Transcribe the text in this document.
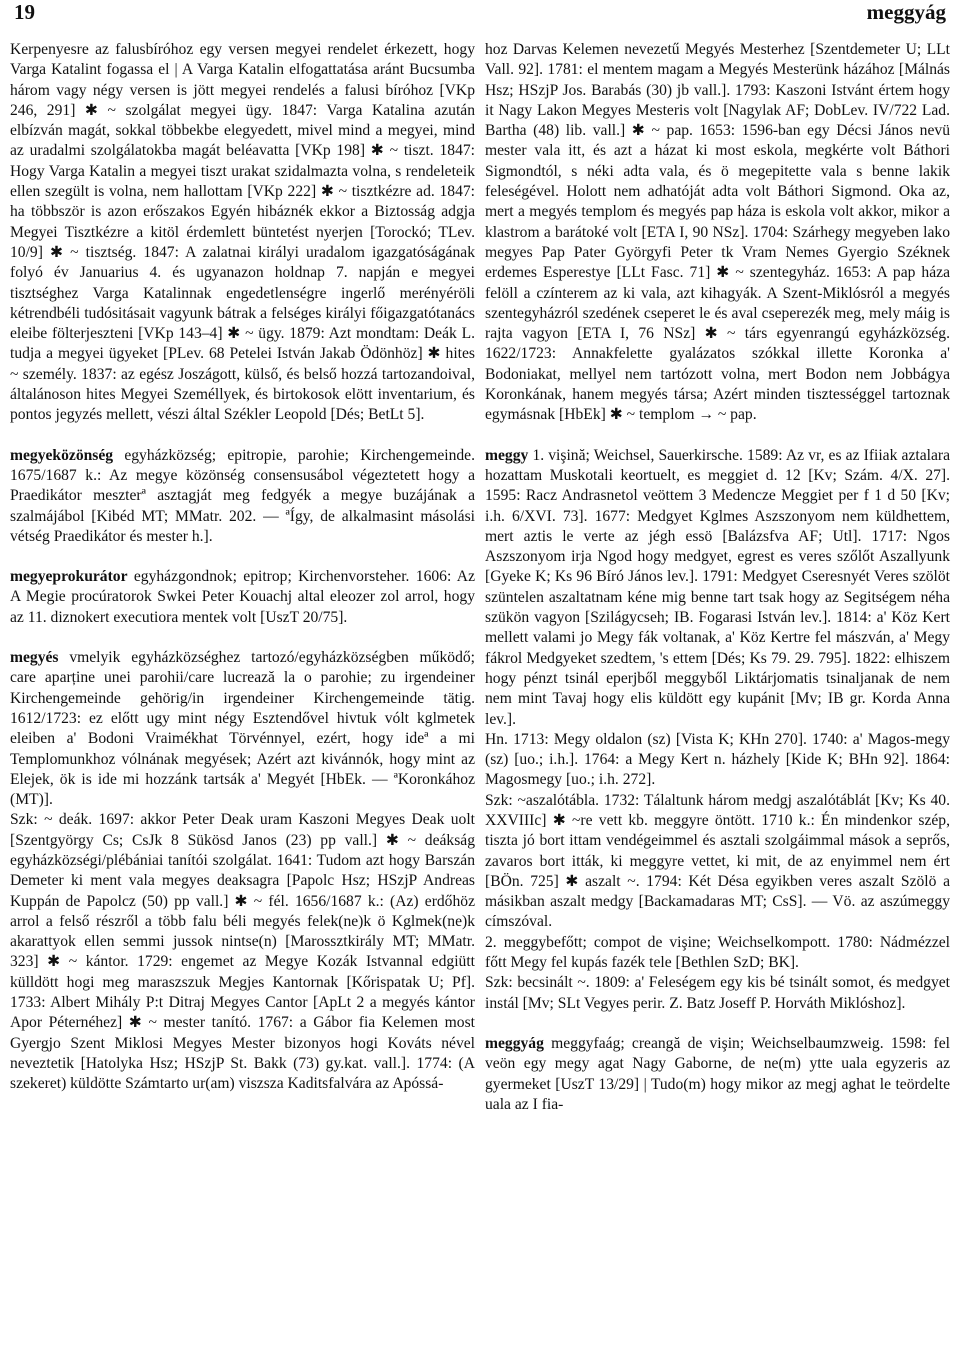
19	meggyág

Kerpenyesre az falusbíróhoz egy versen megyei rendelet érkezett, hogy Varga Katalint fogassa el | A Varga Katalin elfogattatása aránt Bucsumba három vagy négy versen is jött megyei rendelés a falusi bíróhoz [VKp 246, 291] ✱ ~ szolgálat megyei ügy. 1847: Varga Katalina azután elbízván magát, sokkal többekbe elegyedett, mivel mind a megyei, mind az uradalmi szolgálatokba magát beléavatta [VKp 198] ✱ ~ tiszt. 1847: Hogy Varga Katalin a megyei tiszt urakat szidalmazta volna, s rendeleteik ellen szegült is volna, nem hallottam [VKp 222] ✱ ~ tisztkézre ad. 1847: ha többször is azon erőszakos Egyén hibáznék ekkor a Biztosság adgja Megyei Tisztkézre a kitöl érdemlett büntetést nyerjen [Torockó; TLev. 10/9] ✱ ~ tisztség. 1847: A zalatnai királyi uradalom igazgatóságának folyó év Januarius 4. és ugyanazon holdnap 7. napján e megyei tisztséghez Varga Katalinnak engedetlenségre ingerlő merényéröli kétrendbéli tudósitásait vagyunk bátrak a felséges királyi főigazgatótanács eleibe fölterjeszteni [VKp 143–4] ✱ ~ ügy. 1879: Azt mondtam: Deák L. tudja a megyei ügyeket [PLev. 68 Petelei István Jakab Ödönhöz] ✱ hites ~ személy. 1837: az egész Joszágott, külső, és belső hozzá tartozandoival, általánoson hites Megyei Személlyek, és birtokosok elött inventarium, és pontos jegyzés mellett, vészi által Székler Leopold [Dés; BetLt 5].

megyeközönség egyházközség; epitropie, parohie; Kirchengemeinde. 1675/1687 k.: Az megye közönség consensusábol végeztetett hogy a Praedikátor meszterª asztagját meg fedgyék a megye buzájának a szalmájábol [Kibéd MT; MMatr. 202. — ªÍgy, de alkalmasint másolási vétség Praedikátor és mester h.].

megyeprokurátor egyházgondnok; epitrop; Kirchenvorsteher. 1606: Az A Megie procúratorok Swkei Peter Kouachj altal eleozer zol arrol, hogy az 11. diznokert executiora mentek volt [UszT 20/75].

megyés vmelyik egyházközséghez tartozó/egyházközségben működő; care aparține unei parohii/care lucrează la o parohie; zu irgendeiner Kirchengemeinde gehörig/in irgendeiner Kirchengemeinde tätig. 1612/1723: ez előtt ugy mint négy Esztendővel hivtuk vólt kglmetek eleiben a' Bodoni Vraimékhat Törvénnyel, ezért, hogy ideª a mi Templomunkhoz vólnának megyések; Azért azt kivánnók, hogy mint az Elejek, ök is ide mi hozzánk tartsák a' Megyét [HbEk. — ªKoronkához (MT)].

Szk: ~ deák. 1697: akkor Peter Deak uram Kaszoni Megyes Deak uolt [Szentgyörgy Cs; CsJk 8 Sükösd Janos (23) pp vall.] ✱ ~ deákság egyházközségi/plébániai tanítói szolgálat. 1641: Tudom azt hogy Barszán Demeter ki ment vala megyes deaksagra [Papolc Hsz; HSzjP Andreas Kuppán de Papolcz (50) pp vall.] ✱ ~ fél. 1656/1687 k.: (Az) erdőhöz arrol a felső részről a több falu béli megyés felek(ne)k ö Kglmek(ne)k akarattyok ellen semmi jussok nintse(n) [Marossztkirály MT; MMatr. 323] ✱ ~ kántor. 1729: engemet az Megye Kozák Istvannal edgiütt külldött hogi meg maraszszuk Megjes Kantornak [Kőrispatak U; Pf]. 1733: Albert Mihály P:t Ditraj Megyes Cantor [ApLt 2 a megyés kántor Apor Péternéhez] ✱ ~ mester tanító. 1767: a Gábor fia Kelemen most Gyergjo Szent Miklosi Megyes Mester bizonyos hogi Kováts nével neveztetik [Hatolyka Hsz; HSzjP St. Bakk (73) gy.kat. vall.]. 1774: (A szekeret) küldötte Számtarto ur(am) viszsza Kaditsfalvára az Apóssá-

hoz Darvas Kelemen nevezetű Megyés Mesterhez [Szentdemeter U; LLt Vall. 92]. 1781: el mentem magam a Megyés Mesterünk házához [Málnás Hsz; HSzjP Jos. Barabás (30) jb vall.]. 1793: Kaszoni Istvánt értem hogy it Nagy Lakon Megyes Mesteris volt [Nagylak AF; DobLev. IV/722 Lad. Bartha (48) lib. vall.] ✱ ~ pap. 1653: 1596-ban egy Décsi János nevü mester vala itt, és azt a házat ki most eskola, megkérte volt Báthori Sigmondtól, s néki adta vala, és ö megepitette vala s benne lakik feleségével. Holott nem adhatóját adta volt Báthori Sigmond. Oka az, mert a megyés templom és megyés pap háza is eskola volt akkor, mikor a klastrom a barátoké volt [ETA I, 90 NSz]. 1704: Szárhegy megyeben lako megyes Pap Pater Györgyfi Peter tk Vram Nemes Gyergio Széknek erdemes Esperestye [LLt Fasc. 71] ✱ ~ szentegyház. 1653: A pap háza felöll a czínterem az ki vala, azt kihagyák. A Szent-Miklósról a megyés szentegyházról szedének cseperet le és aval cseperezék meg, mely máig is rajta vagyon [ETA I, 76 NSz] ✱ ~ társ egyenrangú egyházközség. 1622/1723: Annakfelette gyalázatos szókkal illette Koronka a' Bodoniakat, mellyel nem tartózott volna, mert Bodon nem Jobbágya Koronkának, hanem megyés társa; Azért minden tisztességgel tartoznak egymásnak [HbEk] ✱ ~ templom → ~ pap.

meggy 1. vişină; Weichsel, Sauerkirsche. 1589: Az vr, es az Ifiiak aztalara hozattam Muskotali keortuelt, es meggiet d. 12 [Kv; Szám. 4/X. 27]. 1595: Racz Andrasnetol veöttem 3 Medencze Meggiet per f 1 d 50 [Kv; i.h. 6/XVI. 73]. 1677: Medgyet Kglmes Aszszonyom nem küldhettem, mert aztis le verte az jégh essö [Balázsfva AF; Utl]. 1717: Ngos Aszszonyom irja Ngod hogy medgyet, egrest es veres szőlőt Aszallyunk [Gyeke K; Ks 96 Bíró János lev.]. 1791: Medgyet Cseresnyét Veres szölöt szüntelen aszaltatnam kéne mig benne tart tsak hogy az Segitségem néha szükön vagyon [Szilágycseh; IB. Fogarasi István lev.]. 1814: a' Köz Kert mellett valami jo Megy fák voltanak, a' Köz Kertre fel mászván, a' Megy fákrol Medgyeket szedtem, 's ettem [Dés; Ks 79. 29. 795]. 1822: elhiszem hogy pénzt tsinál eperjből meggyből Liktárjomatis tsinaljanak de nem nem mint Tavaj hogy elis küldött egy kupánit [Mv; IB gr. Korda Anna lev.].

Hn. 1713: Megy oldalon (sz) [Vista K; KHn 270]. 1740: a' Magos-megy (sz) [uo.; i.h.]. 1764: a Megy Kert n. házhely [Kide K; BHn 92]. 1864: Magosmegy [uo.; i.h. 272].

Szk: ~aszalótábla. 1732: Tálaltunk három medgj aszalótáblát [Kv; Ks 40. XXVIIIc] ✱ ~re vett kb. meggyre öntött. 1710 k.: Én mindenkor szép, tiszta jó bort ittam vendégeimmel és asztali szolgáimmal mások a seprős, zavaros bort itták, ki meggyre vettet, ki mit, de az enyimmel nem ért [BÖn. 725] ✱ aszalt ~. 1794: Két Désa egyikben veres aszalt Szölö a másikban aszalt medgy [Backamadaras MT; CsS]. — Vö. az aszúmeggy címszóval.

2. meggybefőtt; compot de vişine; Weichselkompott. 1780: Nádmézzel főtt Megy fel kupás fazék tele [Bethlen SzD; BK].

Szk: becsinált ~. 1809: a' Feleségem egy kis bé tsinált somot, és medgyet instál [Mv; SLt Vegyes perir. Z. Batz Joseff P. Horváth Miklóshoz].

meggyág meggyfaág; creangă de vişin; Weichselbaumzweig. 1598: fel veön egy megy agat Nagy Gaborne, de ne(m) ytte uala egyzeris az gyermeket [UszT 13/29] | Tudo(m) hogy mikor az megj aghat le teördelte uala az I fia-
